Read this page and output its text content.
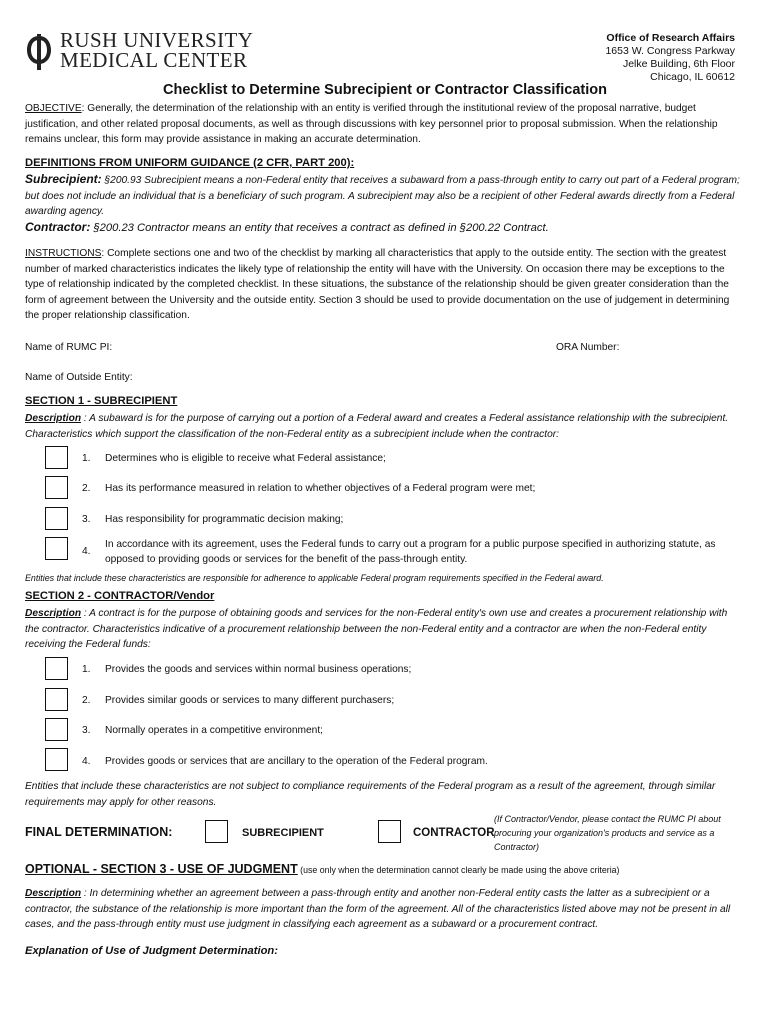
RUSH UNIVERSITY
MEDICAL CENTER
Office of Research Affairs
1653 W. Congress Parkway
Jelke Building, 6th Floor
Chicago, IL 60612
Checklist to Determine Subrecipient or Contractor Classification
OBJECTIVE: Generally, the determination of the relationship with an entity is verified through the institutional review of the proposal narrative, budget justification, and other related proposal documents, as well as through discussions with key personnel prior to proposal submission. When the relationship remains unclear, this form may provide assistance in making an accurate determination.
DEFINITIONS FROM UNIFORM GUIDANCE (2 CFR, PART 200):
Subrecipient: §200.93 Subrecipient means a non-Federal entity that receives a subaward from a pass-through entity to carry out part of a Federal program; but does not include an individual that is a beneficiary of such program. A subrecipient may also be a recipient of other Federal awards directly from a Federal awarding agency.
Contractor: §200.23 Contractor means an entity that receives a contract as defined in §200.22 Contract.
INSTRUCTIONS: Complete sections one and two of the checklist by marking all characteristics that apply to the outside entity. The section with the greatest number of marked characteristics indicates the likely type of relationship the entity will have with the University. On occasion there may be exceptions to the type of relationship indicated by the completed checklist. In these situations, the substance of the relationship should be given greater consideration than the form of agreement between the University and the outside entity. Section 3 should be used to provide documentation on the use of judgement in determining the proper relationship classification.
Name of RUMC PI:	ORA Number:
Name of Outside Entity:
SECTION 1 - SUBRECIPIENT
Description : A subaward is for the purpose of carrying out a portion of a Federal award and creates a Federal assistance relationship with the subrecipient. Characteristics which support the classification of the non-Federal entity as a subrecipient include when the contractor:
1. Determines who is eligible to receive what Federal assistance;
2. Has its performance measured in relation to whether objectives of a Federal program were met;
3. Has responsibility for programmatic decision making;
4.
In accordance with its agreement, uses the Federal funds to carry out a program for a public purpose specified in authorizing statute, as opposed to providing goods or services for the benefit of the pass-through entity.
Entities that include these characteristics are responsible for adherence to applicable Federal program requirements specified in the Federal award.
SECTION 2 - CONTRACTOR/Vendor
Description : A contract is for the purpose of obtaining goods and services for the non-Federal entity's own use and creates a procurement relationship with the contractor. Characteristics indicative of a procurement relationship between the non-Federal entity and a contractor are when the non-Federal entity receiving the Federal funds:
1. Provides the goods and services within normal business operations;
2. Provides similar goods or services to many different purchasers;
3. Normally operates in a competitive environment;
4. Provides goods or services that are ancillary to the operation of the Federal program.
Entities that include these characteristics are not subject to compliance requirements of the Federal program as a result of the agreement, through similar requirements may apply for other reasons.
FINAL DETERMINATION:	SUBRECIPIENT	CONTRACTOR
(If Contractor/Vendor, please contact the RUMC PI about procuring your organization's products and service as a Contractor)
OPTIONAL - SECTION 3 - USE OF JUDGMENT (use only when the determination cannot clearly be made using the above criteria)
Description : In determining whether an agreement between a pass-through entity and another non-Federal entity casts the latter as a subrecipient or a contractor, the substance of the relationship is more important than the form of the agreement. All of the characteristics listed above may not be present in all cases, and the pass-through entity must use judgment in classifying each agreement as a subaward or a procurement contract.
Explanation of Use of Judgment Determination:
